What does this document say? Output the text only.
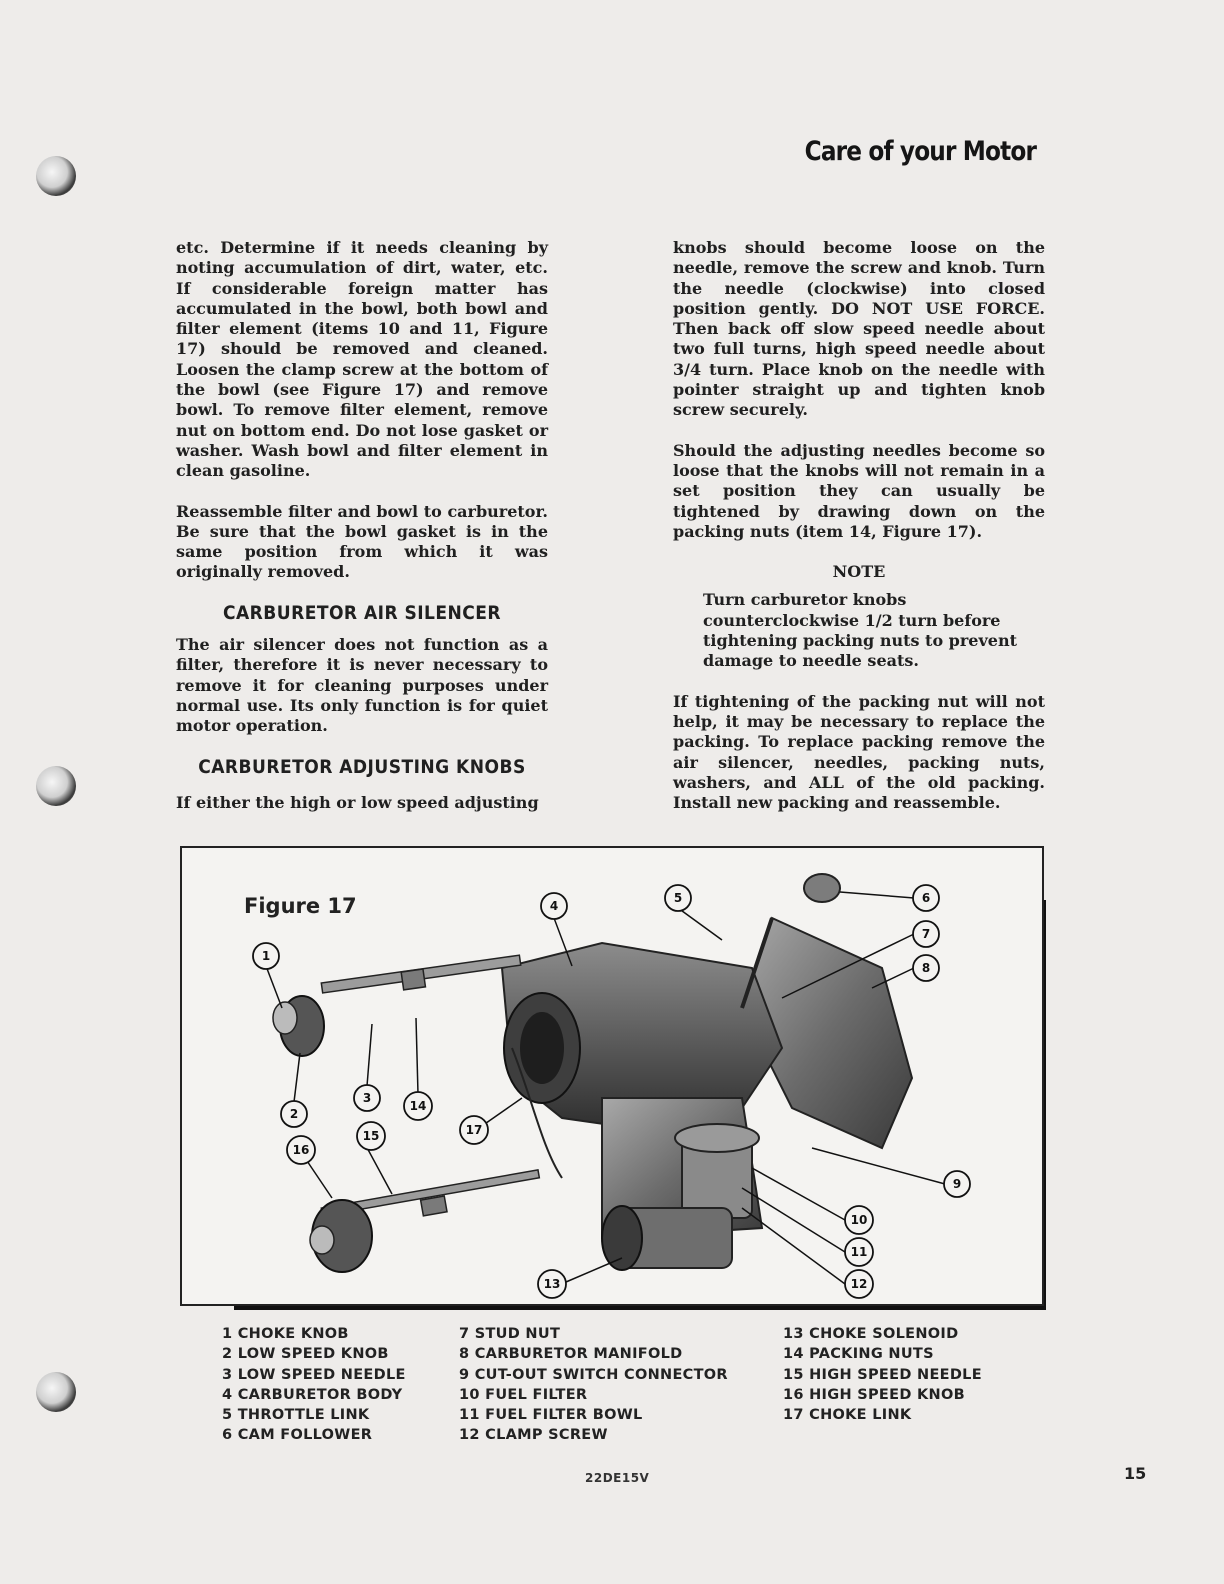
Care of your Motor

etc. Determine if it needs cleaning by noting accumulation of dirt, water, etc. If considerable foreign matter has accumulated in the bowl, both bowl and filter element (items 10 and 11, Figure 17) should be removed and cleaned. Loosen the clamp screw at the bottom of the bowl (see Figure 17) and remove bowl. To remove filter element, remove nut on bottom end. Do not lose gasket or washer. Wash bowl and filter element in clean gasoline.

Reassemble filter and bowl to carburetor. Be sure that the bowl gasket is in the same position from which it was originally removed.

CARBURETOR AIR SILENCER

The air silencer does not function as a filter, therefore it is never necessary to remove it for cleaning purposes under normal use. Its only function is for quiet motor operation.

CARBURETOR ADJUSTING KNOBS

If either the high or low speed adjusting

knobs should become loose on the needle, remove the screw and knob. Turn the needle (clockwise) into closed position gently. DO NOT USE FORCE. Then back off slow speed needle about two full turns, high speed needle about 3/4 turn. Place knob on the needle with pointer straight up and tighten knob screw securely.

Should the adjusting needles become so loose that the knobs will not remain in a set position they can usually be tightened by drawing down on the packing nuts (item 14, Figure 17).

NOTE
Turn carburetor knobs counterclockwise 1/2 turn before tightening packing nuts to prevent damage to needle seats.

If tightening of the packing nut will not help, it may be necessary to replace the packing. To replace packing remove the air silencer, needles, packing nuts, washers, and ALL of the old packing. Install new packing and reassemble.

1
2
3
4
5	6
7
8
9
10
11
12
13
14
15
16
17
Figure 17
1 CHOKE KNOB
2 LOW SPEED KNOB
3 LOW SPEED NEEDLE
4 CARBURETOR BODY
5 THROTTLE LINK
6 CAM FOLLOWER
7 STUD NUT
8 CARBURETOR MANIFOLD
9 CUT-OUT SWITCH CONNECTOR
10 FUEL FILTER
11 FUEL FILTER BOWL
12 CLAMP SCREW
13 CHOKE SOLENOID
14 PACKING NUTS
15 HIGH SPEED NEEDLE
16 HIGH SPEED KNOB
17 CHOKE LINK
22DE15V	15
